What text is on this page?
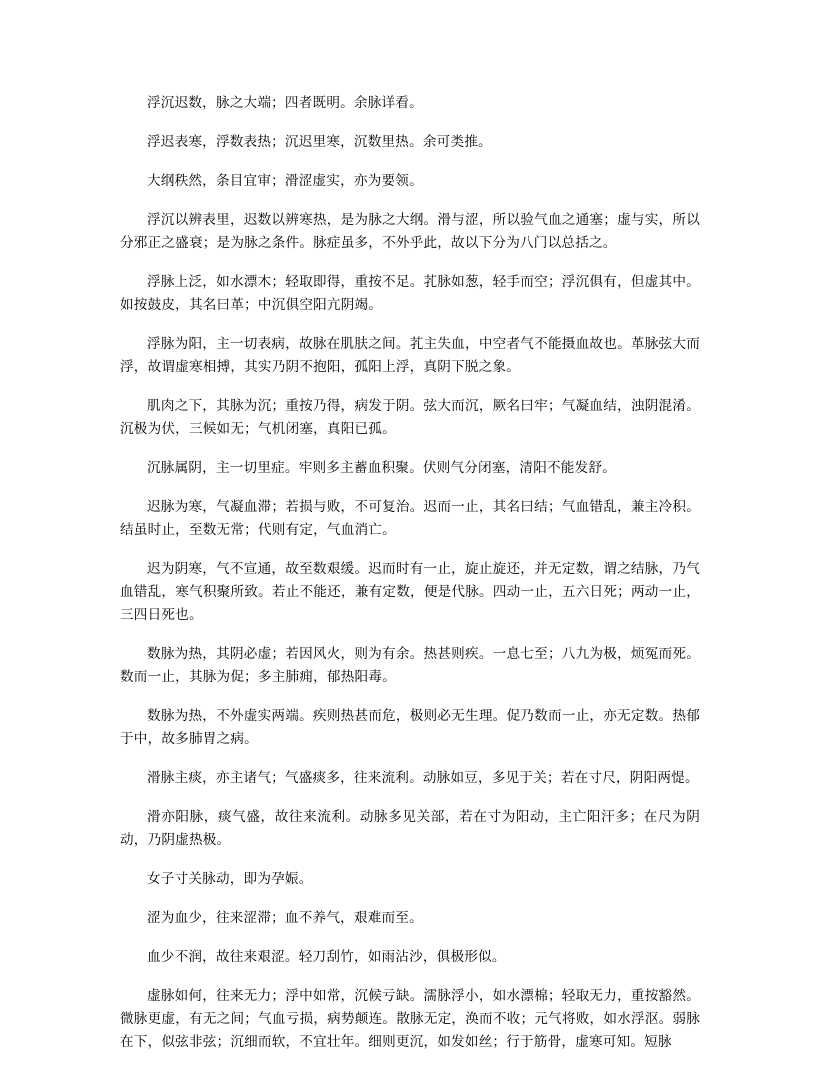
浮沉迟数，脉之大端；四者既明。余脉详看。

浮迟表寒，浮数表热；沉迟里寒，沉数里热。余可类推。

大纲秩然，条目宜审；滑涩虚实，亦为要领。

浮沉以辨表里，迟数以辨寒热，是为脉之大纲。滑与涩，所以验气血之通塞；虚与实，所以分邪正之盛衰；是为脉之条件。脉症虽多，不外乎此，故以下分为八门以总括之。

浮脉上泛，如水漂木；轻取即得，重按不足。芤脉如葱，轻手而空；浮沉俱有，但虚其中。如按鼓皮，其名曰革；中沉俱空阳亢阴竭。

浮脉为阳，主一切表病，故脉在肌肤之间。芤主失血，中空者气不能摄血故也。革脉弦大而浮，故谓虚寒相搏，其实乃阴不抱阳，孤阳上浮，真阴下脱之象。

肌肉之下，其脉为沉；重按乃得，病发于阴。弦大而沉，厥名曰牢；气凝血结，浊阴混淆。沉极为伏，三候如无；气机闭塞，真阳已孤。

沉脉属阴，主一切里症。牢则多主蓄血积聚。伏则气分闭塞，清阳不能发舒。

迟脉为寒，气凝血滞；若损与败，不可复治。迟而一止，其名曰结；气血错乱，兼主冷积。结虽时止，至数无常；代则有定，气血消亡。

迟为阴寒，气不宣通，故至数艰缓。迟而时有一止，旋止旋还，并无定数，谓之结脉，乃气血错乱，寒气积聚所致。若止不能还，兼有定数，便是代脉。四动一止，五六日死；两动一止，三四日死也。

数脉为热，其阴必虚；若因风火，则为有余。热甚则疾。一息七至；八九为极，烦冤而死。数而一止，其脉为促；多主肺痈，郁热阳毒。

数脉为热，不外虚实两端。疾则热甚而危，极则必无生理。促乃数而一止，亦无定数。热郁于中，故多肺胃之病。

滑脉主痰，亦主诸气；气盛痰多，往来流利。动脉如豆，多见于关；若在寸尺，阴阳两惿。

滑亦阳脉，痰气盛，故往来流利。动脉多见关部，若在寸为阳动，主亡阳汗多；在尺为阴动，乃阴虚热极。

女子寸关脉动，即为孕娠。

涩为血少，往来涩滞；血不养气，艰难而至。

血少不润，故往来艰涩。轻刀刮竹，如雨沾沙，俱极形似。

虚脉如何，往来无力；浮中如常，沉候亏缺。濡脉浮小，如水漂棉；轻取无力，重按豁然。微脉更虚，有无之间；气血亏损，病势颠连。散脉无定，涣而不收；元气将败，如水浮沤。弱脉在下，似弦非弦；沉细而软，不宜壮年。细则更沉，如发如丝；行于筋骨，虚寒可知。短脉
